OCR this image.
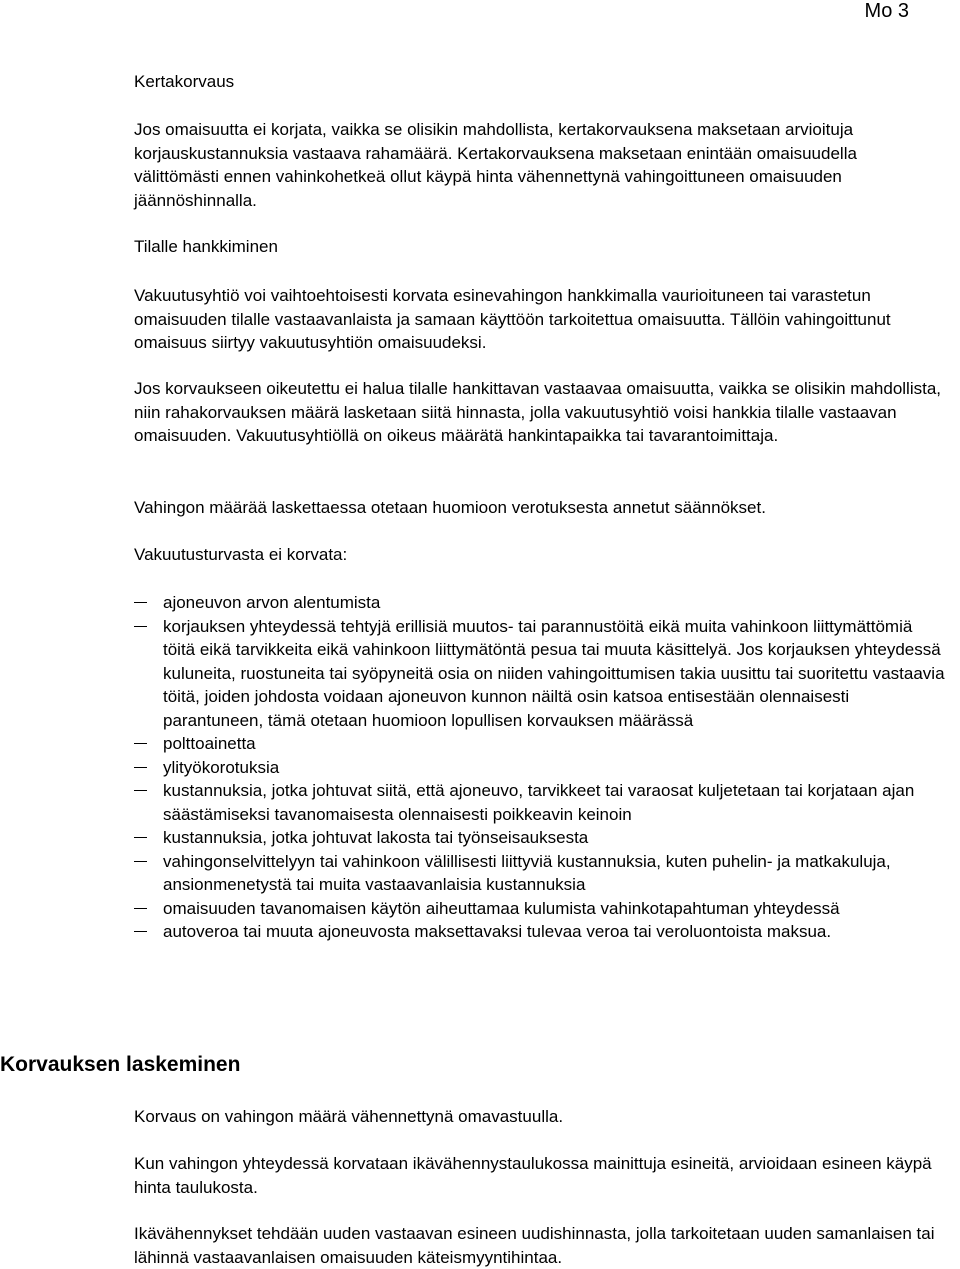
Mo 3

Kertakorvaus

Jos omaisuutta ei korjata, vaikka se olisikin mahdollista, kertakorvauksena maksetaan arvioituja korjauskustannuksia vastaava rahamäärä. Kertakorvauksena maksetaan enintään omaisuudella välittömästi ennen vahinkohetkeä ollut käypä hinta vähennettynä vahingoittuneen omaisuuden jäännöshinnalla.

Tilalle hankkiminen

Vakuutusyhtiö voi vaihtoehtoisesti korvata esinevahingon hankkimalla vaurioituneen tai varastetun omaisuuden tilalle vastaavanlaista ja samaan käyttöön tarkoitettua omaisuutta. Tällöin vahingoittunut omaisuus siirtyy vakuutusyhtiön omaisuudeksi.

Jos korvaukseen oikeutettu ei halua tilalle hankittavan vastaavaa omaisuutta, vaikka se olisikin mahdollista, niin rahakorvauksen määrä lasketaan siitä hinnasta, jolla vakuutusyhtiö voisi hankkia tilalle vastaavan omaisuuden. Vakuutusyhtiöllä on oikeus määrätä hankintapaikka tai tavarantoimittaja.

Vahingon määrää laskettaessa otetaan huomioon verotuksesta annetut säännökset.

Vakuutusturvasta ei korvata:

ajoneuvon arvon alentumista
korjauksen yhteydessä tehtyjä erillisiä muutos- tai parannustöitä eikä muita vahinkoon liittymättömiä töitä eikä tarvikkeita eikä vahinkoon liittymätöntä pesua tai muuta käsittelyä. Jos korjauksen yhteydessä kuluneita, ruostuneita tai syöpyneitä osia on niiden vahingoittumisen takia uusittu tai suoritettu vastaavia töitä, joiden johdosta voidaan ajoneuvon kunnon näiltä osin katsoa entisestään olennaisesti parantuneen, tämä otetaan huomioon lopullisen korvauksen määrässä
polttoainetta
ylityökorotuksia
kustannuksia, jotka johtuvat siitä, että ajoneuvo, tarvikkeet tai varaosat kuljetetaan tai korjataan ajan säästämiseksi tavanomaisesta olennaisesti poikkeavin keinoin
kustannuksia, jotka johtuvat lakosta tai työnseisauksesta
vahingonselvittelyyn tai vahinkoon välillisesti liittyviä kustannuksia, kuten puhelin- ja matkakuluja, ansionmenetystä tai muita vastaavanlaisia kustannuksia
omaisuuden tavanomaisen käytön aiheuttamaa kulumista vahinkotapahtuman yhteydessä
autoveroa tai muuta ajoneuvosta maksettavaksi tulevaa veroa tai veroluontoista maksua.
Korvauksen laskeminen

Korvaus on vahingon määrä vähennettynä omavastuulla.

Kun vahingon yhteydessä korvataan ikävähennystaulukossa mainittuja esineitä, arvioidaan esineen käypä hinta taulukosta.

Ikävähennykset tehdään uuden vastaavan esineen uudishinnasta, jolla tarkoitetaan uuden samanlaisen tai lähinnä vastaavanlaisen omaisuuden käteismyyntihintaa.
